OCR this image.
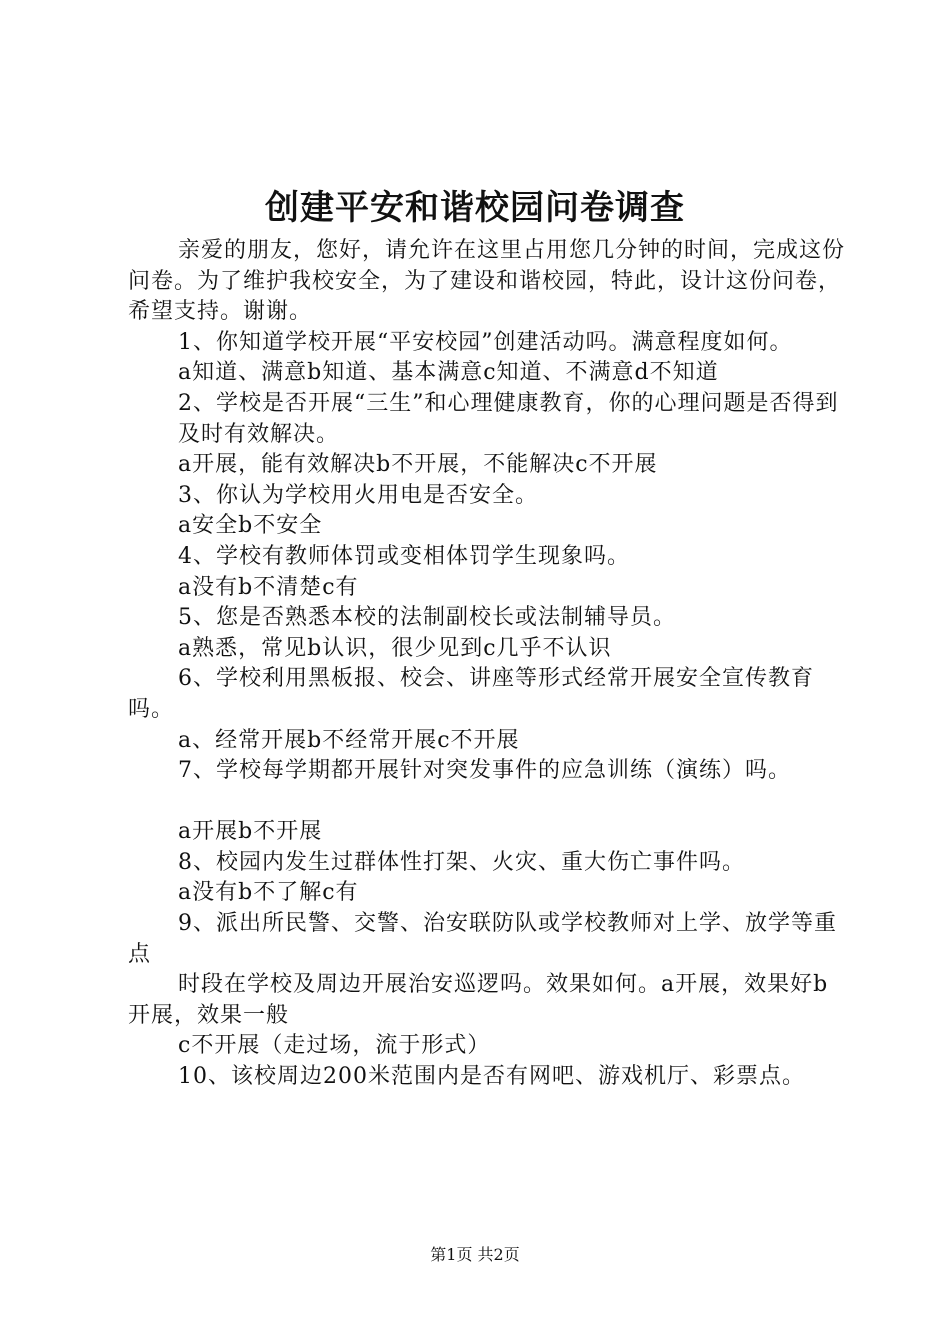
创建平安和谐校园问卷调查

亲爱的朋友，您好，请允许在这里占用您几分钟的时间，完成这份问卷。为了维护我校安全，为了建设和谐校园，特此，设计这份问卷，希望支持。谢谢。

1、你知道学校开展“平安校园”创建活动吗。满意程度如何。

a知道、满意b知道、基本满意c知道、不满意d不知道

2、学校是否开展“三生”和心理健康教育，你的心理问题是否得到

及时有效解决。

a开展，能有效解决b不开展，不能解决c不开展

3、你认为学校用火用电是否安全。

a安全b不安全

4、学校有教师体罚或变相体罚学生现象吗。

a没有b不清楚c有

5、您是否熟悉本校的法制副校长或法制辅导员。

a熟悉，常见b认识，很少见到c几乎不认识

6、学校利用黑板报、校会、讲座等形式经常开展安全宣传教育吗。

a、经常开展b不经常开展c不开展

7、学校每学期都开展针对突发事件的应急训练（演练）吗。

a开展b不开展

8、校园内发生过群体性打架、火灾、重大伤亡事件吗。

a没有b不了解c有

9、派出所民警、交警、治安联防队或学校教师对上学、放学等重点

时段在学校及周边开展治安巡逻吗。效果如何。a开展，效果好b开展，效果一般

c不开展（走过场，流于形式）

10、该校周边200米范围内是否有网吧、游戏机厅、彩票点。

第1页 共2页
